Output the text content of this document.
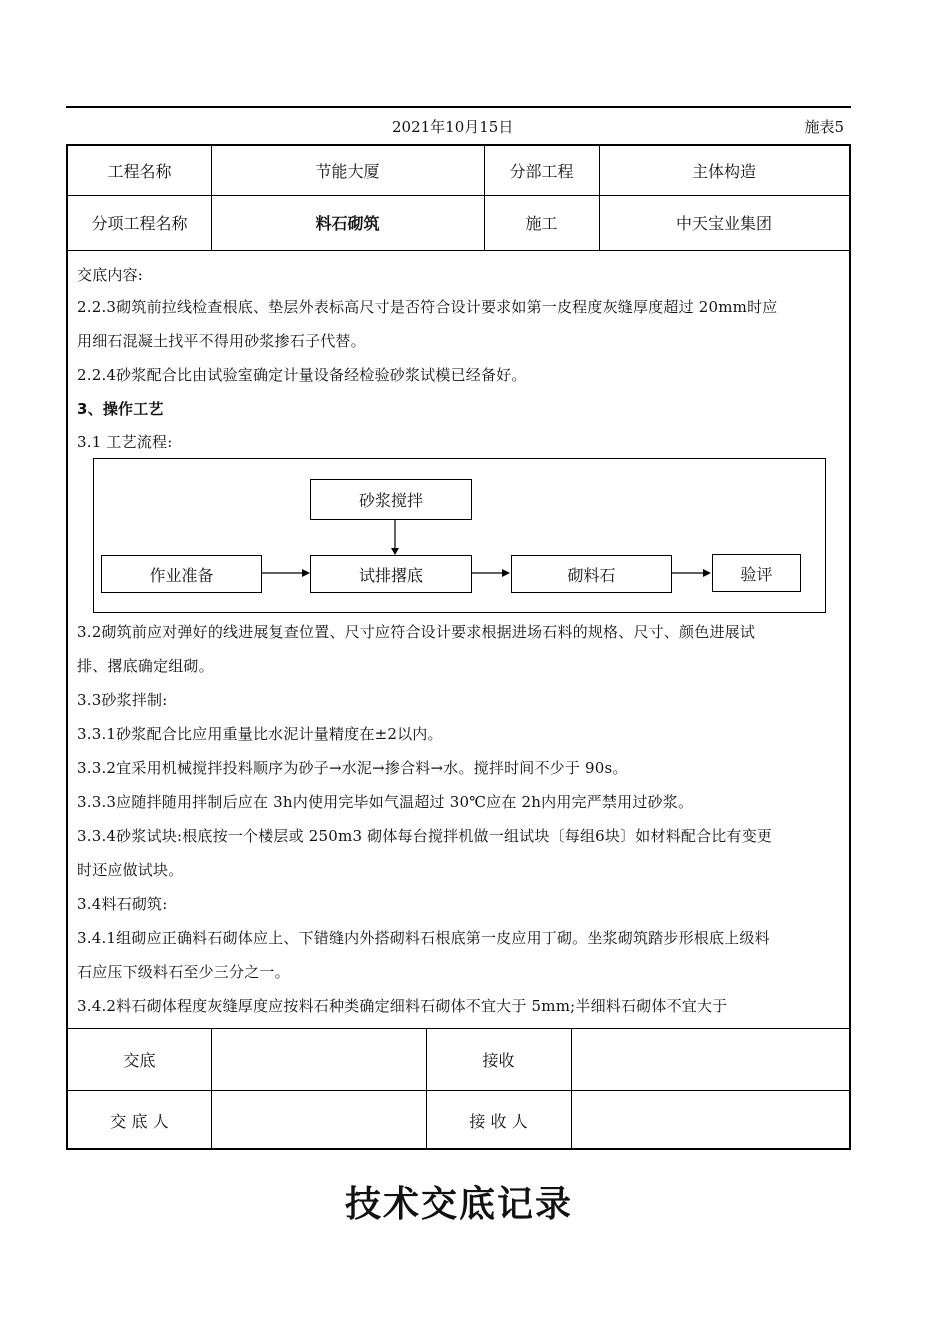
2021年10月15日	施表5
工程名称	节能大厦	分部工程	主体构造
分项工程名称	料石砌筑	施工	中天宝业集团
交底内容:
2.2.3砌筑前拉线检查根底、垫层外表标高尺寸是否符合设计要求如第一皮程度灰缝厚度超过 20mm时应
用细石混凝土找平不得用砂浆掺石子代替。
2.2.4砂浆配合比由试验室确定计量设备经检验砂浆试模已经备好。
3、操作工艺
3.1 工艺流程:
砂浆搅拌
作业准备	试排撂底	砌料石	验评
3.2砌筑前应对弹好的线进展复查位置、尺寸应符合设计要求根据进场石料的规格、尺寸、颜色进展试
排、撂底确定组砌。
3.3砂浆拌制:
3.3.1砂浆配合比应用重量比水泥计量精度在±2以内。
3.3.2宜采用机械搅拌投料顺序为砂子→水泥→掺合料→水。搅拌时间不少于 90s。
3.3.3应随拌随用拌制后应在 3h内使用完毕如气温超过 30℃应在 2h内用完严禁用过砂浆。
3.3.4砂浆试块:根底按一个楼层或 250m3 砌体每台搅拌机做一组试块〔每组6块〕如材料配合比有变更
时还应做试块。
3.4料石砌筑:
3.4.1组砌应正确料石砌体应上、下错缝内外搭砌料石根底第一皮应用丁砌。坐浆砌筑踏步形根底上级料
石应压下级料石至少三分之一。
3.4.2料石砌体程度灰缝厚度应按料石种类确定细料石砌体不宜大于 5mm;半细料石砌体不宜大于
交底	接收
交 底 人	接 收 人
技术交底记录
